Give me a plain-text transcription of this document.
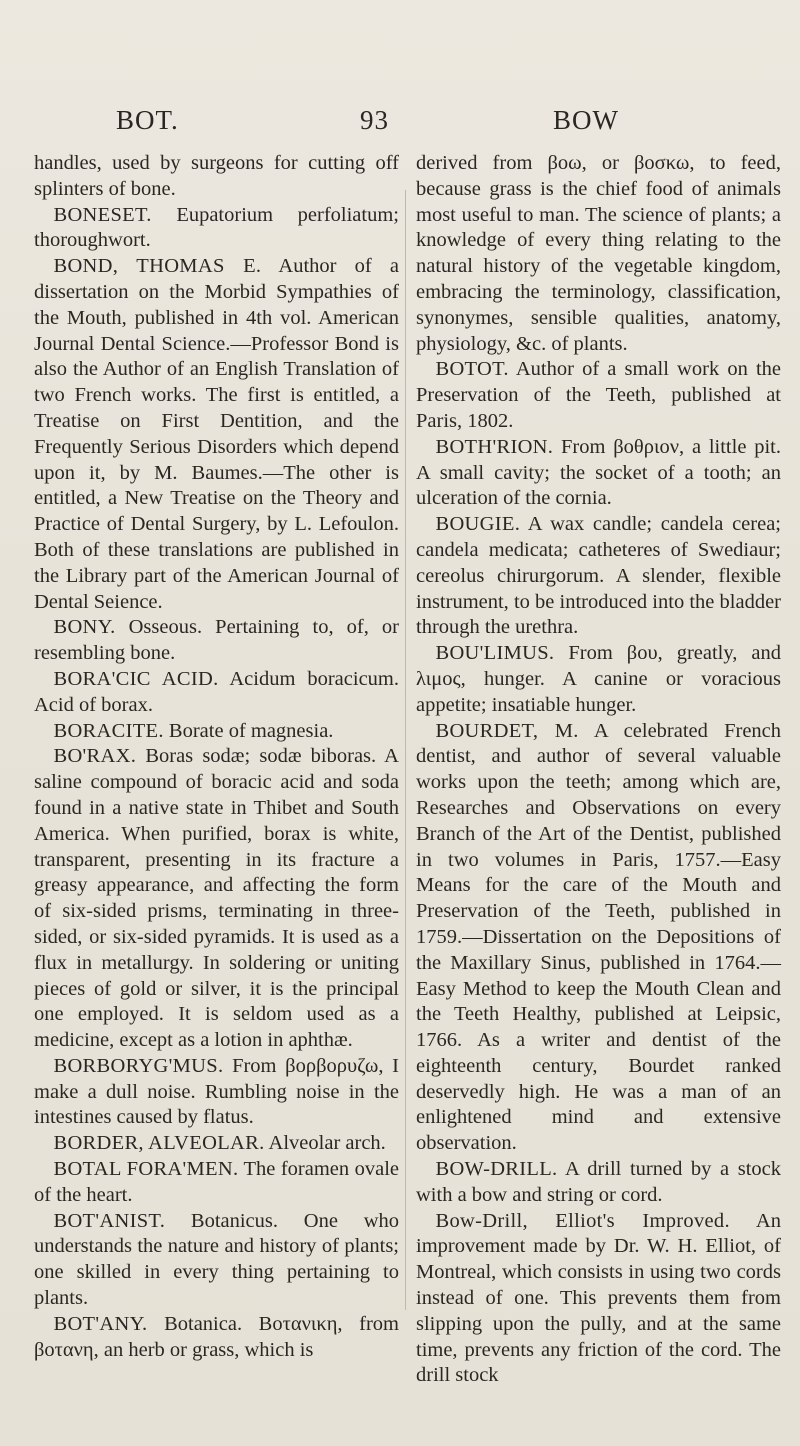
BOT.	93	BOW

handles, used by surgeons for cutting off splinters of bone.

BONESET. Eupatorium perfoliatum; thoroughwort.

BOND, THOMAS E. Author of a dissertation on the Morbid Sympathies of the Mouth, published in 4th vol. American Journal Dental Science.—Professor Bond is also the Author of an English Translation of two French works. The first is entitled, a Treatise on First Dentition, and the Frequently Serious Disorders which depend upon it, by M. Baumes.—The other is entitled, a New Treatise on the Theory and Practice of Dental Surgery, by L. Lefoulon. Both of these translations are published in the Library part of the American Journal of Dental Seience.

BONY. Osseous. Pertaining to, of, or resembling bone.

BORA'CIC ACID. Acidum boracicum. Acid of borax.

BORACITE. Borate of magnesia.

BO'RAX. Boras sodæ; sodæ biboras. A saline compound of boracic acid and soda found in a native state in Thibet and South America. When purified, borax is white, transparent, presenting in its fracture a greasy appearance, and affecting the form of six-sided prisms, terminating in three-sided, or six-sided pyramids. It is used as a flux in metallurgy. In soldering or uniting pieces of gold or silver, it is the principal one employed. It is seldom used as a medicine, except as a lotion in aphthæ.

BORBORYG'MUS. From βορβορυζω, I make a dull noise. Rumbling noise in the intestines caused by flatus.

BORDER, ALVEOLAR. Alveolar arch.

BOTAL FORA'MEN. The foramen ovale of the heart.

BOT'ANIST. Botanicus. One who understands the nature and history of plants; one skilled in every thing pertaining to plants.

BOT'ANY. Botanica. Βοτανικη, from βοτανη, an herb or grass, which is

derived from βοω, or βοσκω, to feed, because grass is the chief food of animals most useful to man. The science of plants; a knowledge of every thing relating to the natural history of the vegetable kingdom, embracing the terminology, classification, synonymes, sensible qualities, anatomy, physiology, &c. of plants.

BOTOT. Author of a small work on the Preservation of the Teeth, published at Paris, 1802.

BOTH'RION. From βοθριον, a little pit. A small cavity; the socket of a tooth; an ulceration of the cornia.

BOUGIE. A wax candle; candela cerea; candela medicata; catheteres of Swediaur; cereolus chirurgorum. A slender, flexible instrument, to be introduced into the bladder through the urethra.

BOU'LIMUS. From βου, greatly, and λιμος, hunger. A canine or voracious appetite; insatiable hunger.

BOURDET, M. A celebrated French dentist, and author of several valuable works upon the teeth; among which are, Researches and Observations on every Branch of the Art of the Dentist, published in two volumes in Paris, 1757.—Easy Means for the care of the Mouth and Preservation of the Teeth, published in 1759.—Dissertation on the Depositions of the Maxillary Sinus, published in 1764.—Easy Method to keep the Mouth Clean and the Teeth Healthy, published at Leipsic, 1766. As a writer and dentist of the eighteenth century, Bourdet ranked deservedly high. He was a man of an enlightened mind and extensive observation.

BOW-DRILL. A drill turned by a stock with a bow and string or cord.

Bow-Drill, Elliot's Improved. An improvement made by Dr. W. H. Elliot, of Montreal, which consists in using two cords instead of one. This prevents them from slipping upon the pully, and at the same time, prevents any friction of the cord. The drill stock
